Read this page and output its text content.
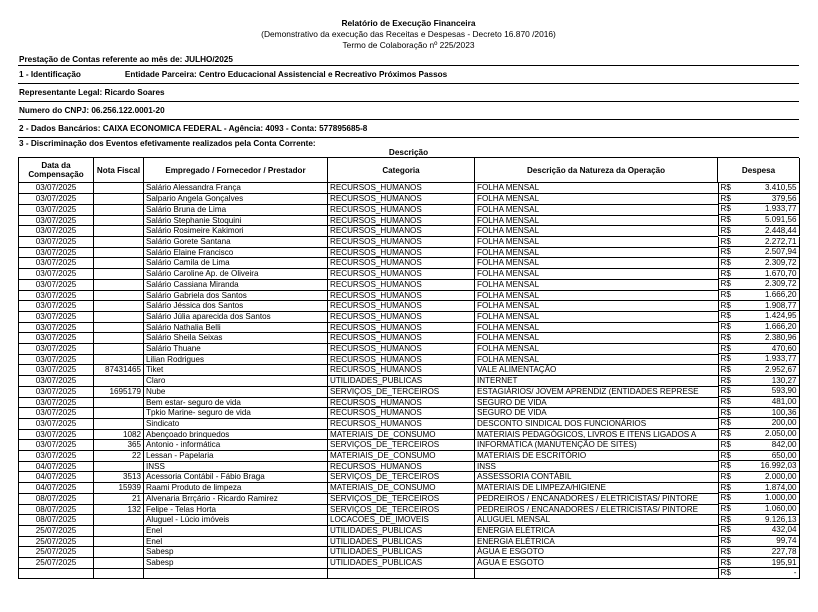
Relatório de Execução Financeira
(Demonstrativo da execução das Receitas e Despesas - Decreto 16.870 /2016)
Termo de Colaboração nº 225/2023
Prestação de Contas referente ao mês de: JULHO/2025
1 - Identificação	Entidade Parceira: Centro Educacional Assistencial e Recreativo Próximos Passos
Representante Legal: Ricardo Soares
Numero do CNPJ: 06.256.122.0001-20
2 - Dados Bancários: CAIXA ECONOMICA FEDERAL - Agência: 4093 - Conta: 577895685-8
3 - Discriminação dos Eventos efetivamente realizados pela Conta Corrente:
Descrição
Data da Compensação	Nota Fiscal	Empregado / Fornecedor / Prestador	Categoria	Descrição da Natureza da Operação	Despesa
03/07/2025		Salário Alessandra França	RECURSOS_HUMANOS	FOLHA MENSAL		R$	3.410,55

03/07/2025		Salpario Angela Gonçalves	RECURSOS_HUMANOS	FOLHA MENSAL		R$	379,56

03/07/2025		Salário Bruna de Lima	RECURSOS_HUMANOS	FOLHA MENSAL		R$	1.933,77

03/07/2025		Salário Stephanie Stoquini	RECURSOS_HUMANOS	FOLHA MENSAL		R$	5.091,56

03/07/2025		Salário Rosimeire Kakimori	RECURSOS_HUMANOS	FOLHA MENSAL		R$	2.448,44

03/07/2025		Salário Gorete Santana	RECURSOS_HUMANOS	FOLHA MENSAL		R$	2.272,71

03/07/2025		Salário Elaine Francisco	RECURSOS_HUMANOS	FOLHA MENSAL		R$	2.507,94

03/07/2025		Salário Camila de Lima	RECURSOS_HUMANOS	FOLHA MENSAL		R$	2.309,72

03/07/2025		Salário Caroline Ap. de Oliveira	RECURSOS_HUMANOS	FOLHA MENSAL		R$	1.670,70

03/07/2025		Salário Cassiana Miranda	RECURSOS_HUMANOS	FOLHA MENSAL		R$	2.309,72

03/07/2025		Salário Gabriela dos Santos	RECURSOS_HUMANOS	FOLHA MENSAL		R$	1.666,20

03/07/2025		Salário Jéssica dos Santos	RECURSOS_HUMANOS	FOLHA MENSAL		R$	1.908,77

03/07/2025		Salário Júlia aparecida dos Santos	RECURSOS_HUMANOS	FOLHA MENSAL		R$	1.424,95

03/07/2025		Salário Nathalia Belli	RECURSOS_HUMANOS	FOLHA MENSAL		R$	1.666,20

03/07/2025		Salário Sheila Seixas	RECURSOS_HUMANOS	FOLHA MENSAL		R$	2.380,96

03/07/2025		Salário Thuane	RECURSOS_HUMANOS	FOLHA MENSAL		R$	470,60

03/07/2025		Lilian Rodrigues	RECURSOS_HUMANOS	FOLHA MENSAL		R$	1.933,77

03/07/2025	87431465	Tiket	RECURSOS_HUMANOS	VALE ALIMENTAÇÃO		R$	2.952,67

03/07/2025		Claro	UTILIDADES_PUBLICAS	INTERNET		R$	130,27

03/07/2025	1695179	Nube	SERVIÇOS_DE_TERCEIROS	ESTAGIÁRIOS/ JOVEM APRENDIZ (ENTIDADES REPRESE		R$	593,90

03/07/2025		Bem estar- seguro de vida	RECURSOS_HUMANOS	SEGURO DE VIDA		R$	481,00

03/07/2025		Tpkio Marine- seguro de vida	RECURSOS_HUMANOS	SEGURO DE VIDA		R$	100,36

03/07/2025		Sindicato	RECURSOS_HUMANOS	DESCONTO SINDICAL DOS FUNCIONÁRIOS		R$	200,00

03/07/2025	1082	Abençoado brinquedos	MATERIAIS_DE_CONSUMO	MATERIAIS PEDAGÓGICOS, LIVROS E ITENS LIGADOS A		R$	2.050,00

03/07/2025	365	Antonio - informática	SERVIÇOS_DE_TERCEIROS	INFORMÁTICA (MANUTENÇÃO DE SITES)		R$	842,00

03/07/2025	22	Lessan - Papelaria	MATERIAIS_DE_CONSUMO	MATERIAIS DE ESCRITÓRIO		R$	650,00

04/07/2025		INSS	RECURSOS_HUMANOS	INSS		R$	16.992,03

04/07/2025	3513	Acessoria Contábil - Fábio Braga	SERVIÇOS_DE_TERCEIROS	ASSESSORIA CONTÁBIL		R$	2.000,00

04/07/2025	15939	Raami Produto de limpeza	MATERIAIS_DE_CONSUMO	MATERIAIS DE LIMPEZA/HIGIENE		R$	1.874,00

08/07/2025	21	Alvenaria Brrçário - Ricardo Ramirez	SERVIÇOS_DE_TERCEIROS	PEDREIROS / ENCANADORES / ELETRICISTAS/ PINTORE		R$	1.000,00

08/07/2025	132	Felipe - Telas Horta	SERVIÇOS_DE_TERCEIROS	PEDREIROS / ENCANADORES / ELETRICISTAS/ PINTORE		R$	1.060,00

08/07/2025		Aluguel - Lúcio imóveis	LOCACOES_DE_IMOVEIS	ALUGUEL MENSAL		R$	9.126,13

25/07/2025		Enel	UTILIDADES_PUBLICAS	ENERGIA ELÉTRICA		R$	432,04

25/07/2025		Enel	UTILIDADES_PUBLICAS	ENERGIA ELÉTRICA		R$	99,74

25/07/2025		Sabesp	UTILIDADES_PUBLICAS	ÁGUA E ESGOTO		R$	227,78

25/07/2025		Sabesp	UTILIDADES_PUBLICAS	ÁGUA E ESGOTO		R$	195,91

R$	-
